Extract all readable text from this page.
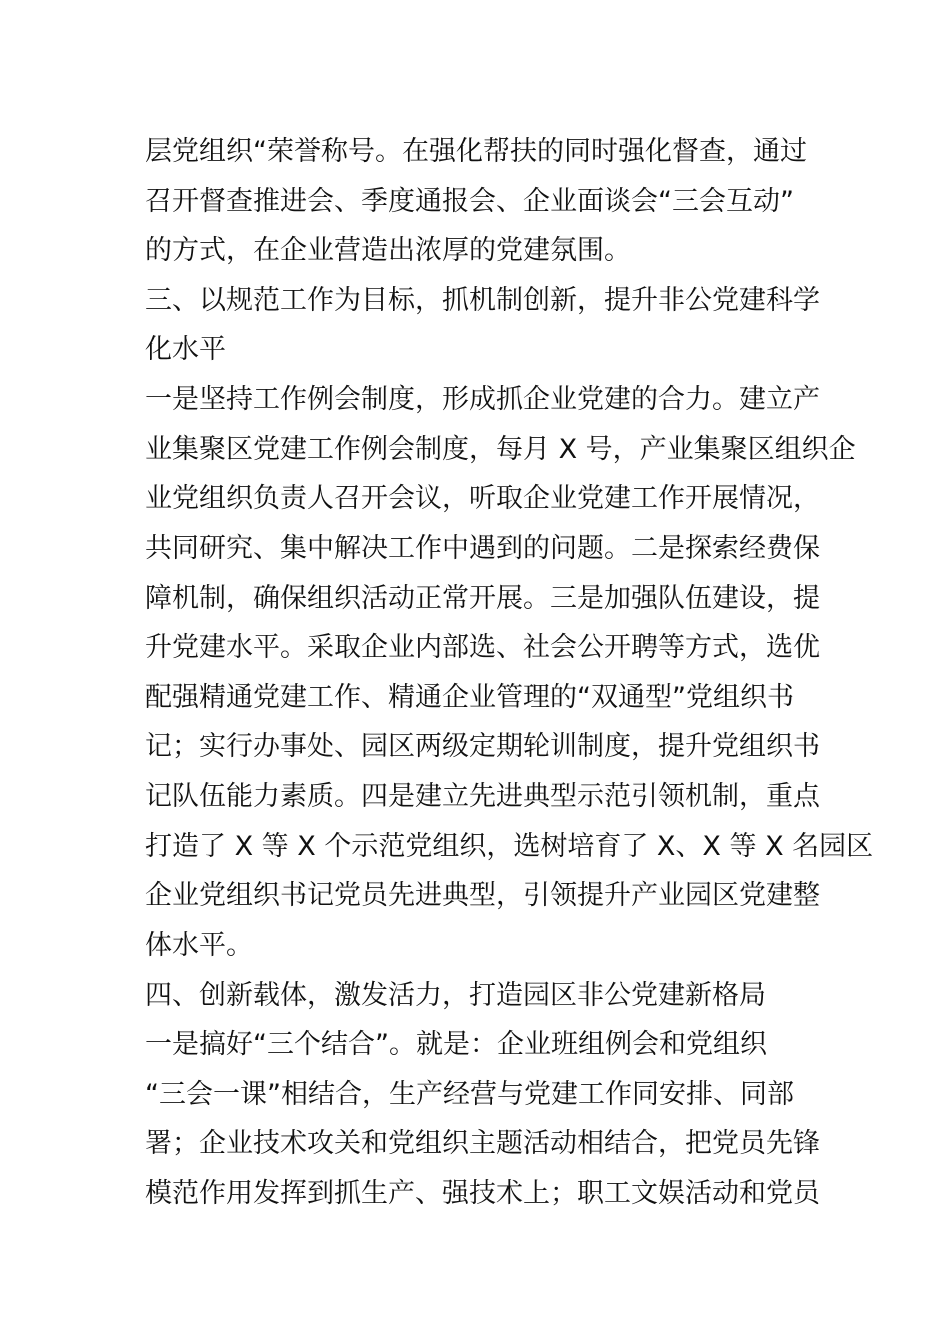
层党组织“荣誉称号。在强化帮扶的同时强化督查，通过
召开督查推进会、季度通报会、企业面谈会“三会互动”
的方式，在企业营造出浓厚的党建氛围。
三、以规范工作为目标，抓机制创新，提升非公党建科学
化水平
一是坚持工作例会制度，形成抓企业党建的合力。建立产
业集聚区党建工作例会制度，每月 X 号，产业集聚区组织企
业党组织负责人召开会议，听取企业党建工作开展情况，
共同研究、集中解决工作中遇到的问题。二是探索经费保
障机制，确保组织活动正常开展。三是加强队伍建设，提
升党建水平。采取企业内部选、社会公开聘等方式，选优
配强精通党建工作、精通企业管理的“双通型”党组织书
记；实行办事处、园区两级定期轮训制度，提升党组织书
记队伍能力素质。四是建立先进典型示范引领机制，重点
打造了 X 等 X 个示范党组织，选树培育了 X、X 等 X 名园区
企业党组织书记党员先进典型，引领提升产业园区党建整
体水平。
四、创新载体，激发活力，打造园区非公党建新格局
一是搞好“三个结合”。就是：企业班组例会和党组织
“三会一课”相结合，生产经营与党建工作同安排、同部
署；企业技术攻关和党组织主题活动相结合，把党员先锋
模范作用发挥到抓生产、强技术上；职工文娱活动和党员
